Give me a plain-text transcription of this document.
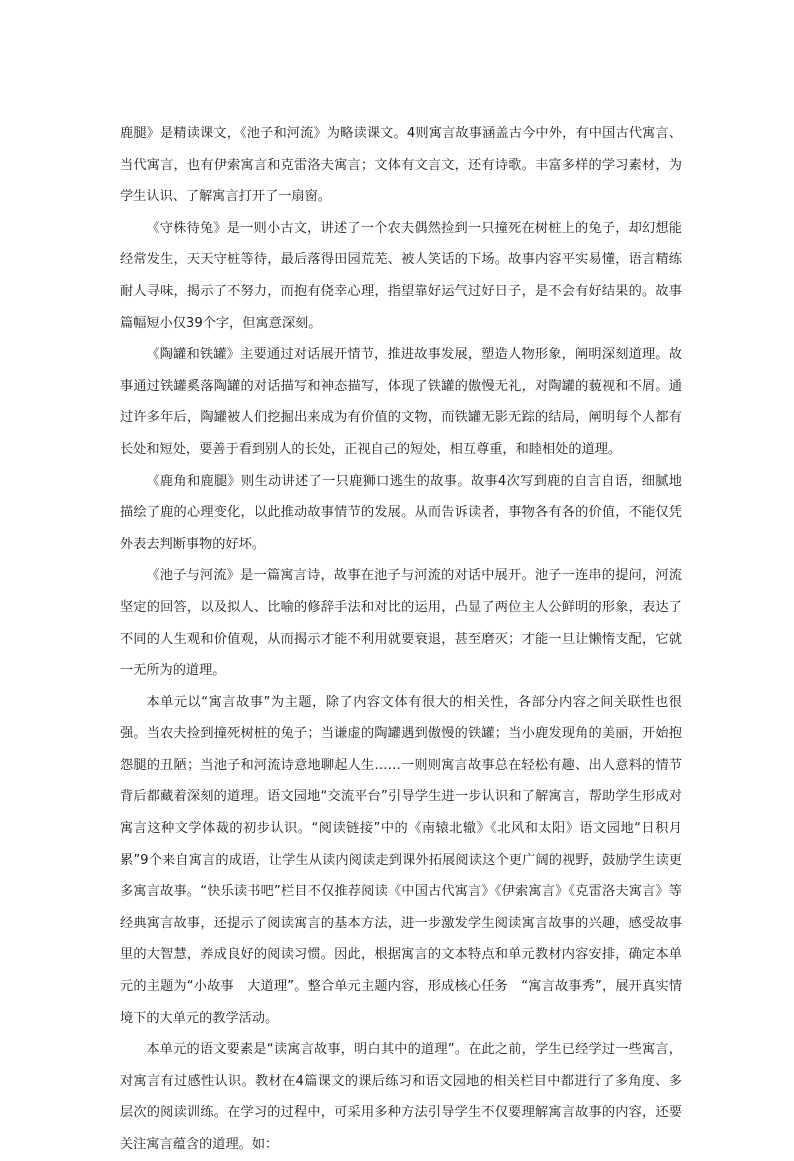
鹿腿》是精读课文，《池子和河流》为略读课文。4则寓言故事涵盖古今中外，有中国古代寓言、当代寓言，也有伊索寓言和克雷洛夫寓言；文体有文言文，还有诗歌。丰富多样的学习素材，为学生认识、了解寓言打开了一扇窗。

《守株待兔》是一则小古文，讲述了一个农夫偶然捡到一只撞死在树桩上的兔子，却幻想能经常发生，天天守桩等待，最后落得田园荒芜、被人笑话的下场。故事内容平实易懂，语言精练耐人寻味，揭示了不努力，而抱有侥幸心理，指望靠好运气过好日子，是不会有好结果的。故事篇幅短小仅39个字，但寓意深刻。

《陶罐和铁罐》主要通过对话展开情节，推进故事发展，塑造人物形象，阐明深刻道理。故事通过铁罐奚落陶罐的对话描写和神态描写，体现了铁罐的傲慢无礼，对陶罐的藐视和不屑。通过许多年后，陶罐被人们挖掘出来成为有价值的文物，而铁罐无影无踪的结局，阐明每个人都有长处和短处，要善于看到别人的长处，正视自己的短处，相互尊重，和睦相处的道理。

《鹿角和鹿腿》则生动讲述了一只鹿狮口逃生的故事。故事4次写到鹿的自言自语，细腻地描绘了鹿的心理变化，以此推动故事情节的发展。从而告诉读者，事物各有各的价值，不能仅凭外表去判断事物的好坏。

《池子与河流》是一篇寓言诗，故事在池子与河流的对话中展开。池子一连串的提问，河流坚定的回答，以及拟人、比喻的修辞手法和对比的运用，凸显了两位主人公鲜明的形象，表达了不同的人生观和价值观，从而揭示才能不利用就要衰退，甚至磨灭；才能一旦让懒惰支配，它就一无所为的道理。

本单元以“寓言故事”为主题，除了内容文体有很大的相关性，各部分内容之间关联性也很强。当农夫捡到撞死树桩的兔子；当谦虚的陶罐遇到傲慢的铁罐；当小鹿发现角的美丽，开始抱怨腿的丑陋；当池子和河流诗意地聊起人生……一则则寓言故事总在轻松有趣、出人意料的情节背后都藏着深刻的道理。语文园地“交流平台”引导学生进一步认识和了解寓言，帮助学生形成对寓言这种文学体裁的初步认识。“阅读链接”中的《南辕北辙》《北风和太阳》语文园地“日积月累”9个来自寓言的成语，让学生从读内阅读走到课外拓展阅读这个更广阔的视野，鼓励学生读更多寓言故事。“快乐读书吧”栏目不仅推荐阅读《中国古代寓言》《伊索寓言》《克雷洛夫寓言》等经典寓言故事，还提示了阅读寓言的基本方法，进一步激发学生阅读寓言故事的兴趣，感受故事里的大智慧，养成良好的阅读习惯。因此，根据寓言的文本特点和单元教材内容安排，确定本单元的主题为“小故事　大道理”。整合单元主题内容，形成核心任务　“寓言故事秀”，展开真实情境下的大单元的教学活动。

本单元的语文要素是“读寓言故事，明白其中的道理”。在此之前，学生已经学过一些寓言，对寓言有过感性认识。教材在4篇课文的课后练习和语文园地的相关栏目中都进行了多角度、多层次的阅读训练。在学习的过程中，可采用多种方法引导学生不仅要理解寓言故事的内容，还要关注寓言蕴含的道理。如：
